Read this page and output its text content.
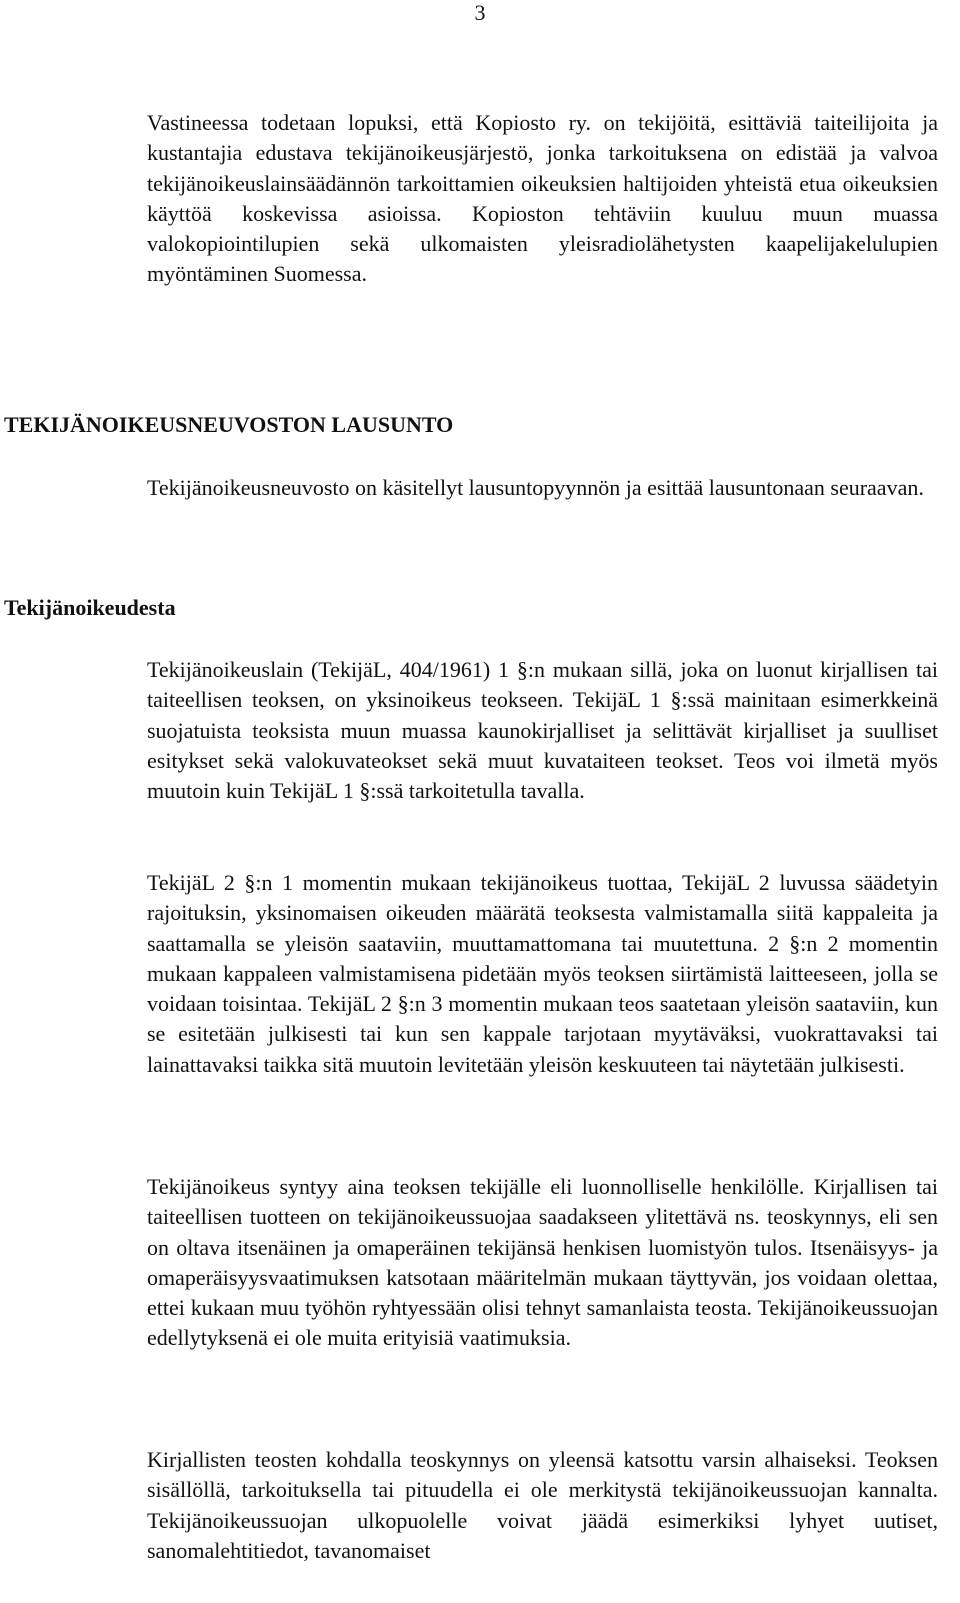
3

Vastineessa todetaan lopuksi, että Kopiosto ry. on tekijöitä, esittäviä taiteilijoita ja kustantajia edustava tekijänoikeusjärjestö, jonka tarkoituksena on edistää ja valvoa tekijänoikeuslainsäädännön tarkoittamien oikeuksien haltijoiden yhteistä etua oikeuksien käyttöä koskevissa asioissa. Kopioston tehtäviin kuuluu muun muassa valokopiointilupien sekä ulkomaisten yleisradiolähetysten kaapelijakelulupien myöntäminen Suomessa.

TEKIJÄNOIKEUSNEUVOSTON LAUSUNTO

Tekijänoikeusneuvosto on käsitellyt lausuntopyynnön ja esittää lausuntonaan seuraavan.

Tekijänoikeudesta

Tekijänoikeuslain (TekijäL, 404/1961) 1 §:n mukaan sillä, joka on luonut kirjallisen tai taiteellisen teoksen, on yksinoikeus teokseen. TekijäL 1 §:ssä mainitaan esimerkkeinä suojatuista teoksista muun muassa kaunokirjalliset ja selittävät kirjalliset ja suulliset esitykset sekä valokuvateokset sekä muut kuvataiteen teokset. Teos voi ilmetä myös muutoin kuin TekijäL 1 §:ssä tarkoitetulla tavalla.

TekijäL 2 §:n 1 momentin mukaan tekijänoikeus tuottaa, TekijäL 2 luvussa säädetyin rajoituksin, yksinomaisen oikeuden määrätä teoksesta valmistamalla siitä kappaleita ja saattamalla se yleisön saataviin, muuttamattomana tai muutettuna. 2 §:n 2 momentin mukaan kappaleen valmistamisena pidetään myös teoksen siirtämistä laitteeseen, jolla se voidaan toisintaa. TekijäL 2 §:n 3 momentin mukaan teos saatetaan yleisön saataviin, kun se esitetään julkisesti tai kun sen kappale tarjotaan myytäväksi, vuokrattavaksi tai lainattavaksi taikka sitä muutoin levitetään yleisön keskuuteen tai näytetään julkisesti.

Tekijänoikeus syntyy aina teoksen tekijälle eli luonnolliselle henkilölle. Kirjallisen tai taiteellisen tuotteen on tekijänoikeussuojaa saadakseen ylitettävä ns. teoskynnys, eli sen on oltava itsenäinen ja omaperäinen tekijänsä henkisen luomistyön tulos. Itsenäisyys- ja omaperäisyysvaatimuksen katsotaan määritelmän mukaan täyttyvän, jos voidaan olettaa, ettei kukaan muu työhön ryhtyessään olisi tehnyt samanlaista teosta. Tekijänoikeussuojan edellytyksenä ei ole muita erityisiä vaatimuksia.

Kirjallisten teosten kohdalla teoskynnys on yleensä katsottu varsin alhaiseksi. Teoksen sisällöllä, tarkoituksella tai pituudella ei ole merkitystä tekijänoikeussuojan kannalta. Tekijänoikeussuojan ulkopuolelle voivat jäädä esimerkiksi lyhyet uutiset, sanomalehtitiedot, tavanomaiset
